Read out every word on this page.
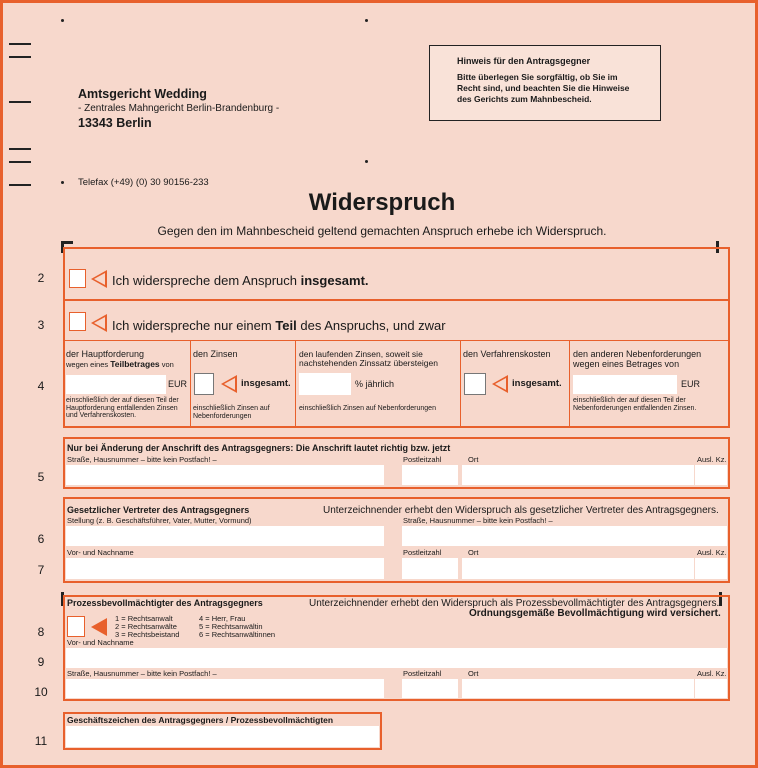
Hinweis für den Antragsgegner
Bitte überlegen Sie sorgfältig, ob Sie im Recht sind, und beachten Sie die Hinweise des Gerichts zum Mahnbescheid.
Amtsgericht Wedding
- Zentrales Mahngericht Berlin-Brandenburg -
13343 Berlin
Telefax (+49) (0) 30 90156-233
Widerspruch
Gegen den im Mahnbescheid geltend gemachten Anspruch erhebe ich Widerspruch.
2	Ich widerspreche dem Anspruch insgesamt.
3	Ich widerspreche nur einem Teil des Anspruchs, und zwar
4
der Hauptforderung
wegen eines Teilbetrages von
EUR
einschließlich der auf diesen Teil der Hauptforderung entfallenden Zinsen und Verfahrenskosten.
den Zinsen
insgesamt.
einschließlich Zinsen auf Nebenforderungen
den laufenden Zinsen, soweit sie nachstehenden Zinssatz übersteigen
% jährlich
einschließlich Zinsen auf Nebenforderungen
den Verfahrenskosten
insgesamt.
den anderen Nebenforderungen wegen eines Betrages von
EUR
einschließlich der auf diesen Teil der Nebenforderungen entfallenden Zinsen.
5
Nur bei Änderung der Anschrift des Antragsgegners: Die Anschrift lautet richtig bzw. jetzt
Straße, Hausnummer – bitte kein Postfach! –	Postleitzahl	Ort	Ausl. Kz.
6
7
Gesetzlicher Vertreter des Antragsgegners	Unterzeichnender erhebt den Widerspruch als gesetzlicher Vertreter des Antragsgegners.
Stellung (z. B. Geschäftsführer, Vater, Mutter, Vormund)	Straße, Hausnummer – bitte kein Postfach! –
Vor- und Nachname	Postleitzahl	Ort	Ausl. Kz.
8
9
10
Prozessbevollmächtigter des Antragsgegners	Unterzeichnender erhebt den Widerspruch als Prozessbevollmächtigter des Antragsgegners.
Ordnungsgemäße Bevollmächtigung wird versichert.
1 = Rechtsanwalt
2 = Rechtsanwälte
3 = Rechtsbeistand
4 = Herr, Frau
5 = Rechtsanwältin
6 = Rechtsanwältinnen
Vor- und Nachname
Straße, Hausnummer – bitte kein Postfach! –	Postleitzahl	Ort	Ausl. Kz.
11
Geschäftszeichen des Antragsgegners / Prozessbevollmächtigten
